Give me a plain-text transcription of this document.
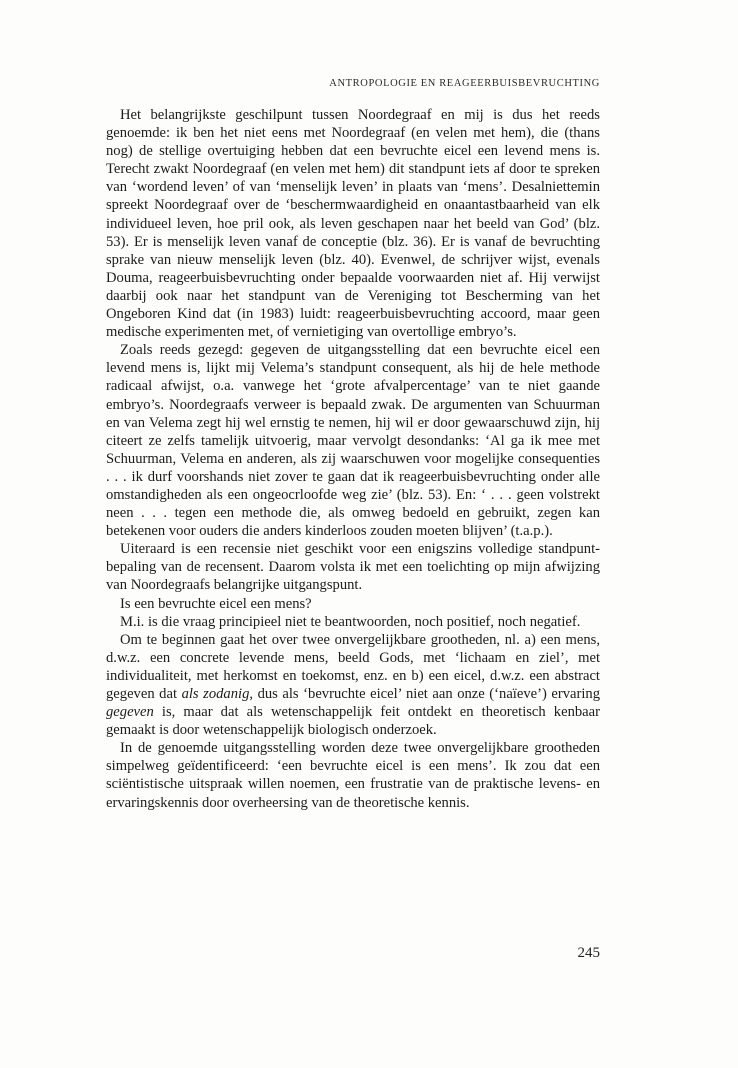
ANTROPOLOGIE EN REAGEERBUISBEVRUCHTING

Het belangrijkste geschilpunt tussen Noordegraaf en mij is dus het reeds genoemde: ik ben het niet eens met Noordegraaf (en velen met hem), die (thans nog) de stellige overtuiging hebben dat een bevruchte eicel een levend mens is. Terecht zwakt Noordegraaf (en velen met hem) dit standpunt iets af door te spreken van ‘wordend leven’ of van ‘menselijk leven’ in plaats van ‘mens’. Desalniettemin spreekt Noordegraaf over de ‘beschermwaardigheid en onaantastbaarheid van elk individueel leven, hoe pril ook, als leven geschapen naar het beeld van God’ (blz. 53). Er is menselijk leven vanaf de conceptie (blz. 36). Er is vanaf de bevruchting sprake van nieuw menselijk leven (blz. 40). Evenwel, de schrijver wijst, evenals Douma, reageerbuisbevruchting onder bepaalde voorwaarden niet af. Hij verwijst daarbij ook naar het standpunt van de Vereniging tot Bescherming van het Ongeboren Kind dat (in 1983) luidt: reageerbuisbevruchting accoord, maar geen medische experimenten met, of vernietiging van overtollige embryo’s.

Zoals reeds gezegd: gegeven de uitgangsstelling dat een bevruchte eicel een levend mens is, lijkt mij Velema’s standpunt consequent, als hij de hele methode radicaal afwijst, o.a. vanwege het ‘grote afvalpercentage’ van te niet gaande embryo’s. Noordegraafs verweer is bepaald zwak. De argumenten van Schuurman en van Velema zegt hij wel ernstig te nemen, hij wil er door gewaarschuwd zijn, hij citeert ze zelfs tamelijk uitvoerig, maar vervolgt desondanks: ‘Al ga ik mee met Schuurman, Velema en anderen, als zij waarschuwen voor mogelijke consequenties . . . ik durf voorshands niet zover te gaan dat ik reageerbuisbevruchting onder alle omstandigheden als een ongeocrloofde weg zie’ (blz. 53). En: ‘ . . . geen volstrekt neen . . . tegen een methode die, als omweg bedoeld en gebruikt, zegen kan betekenen voor ouders die anders kinderloos zouden moeten blijven’ (t.a.p.).

Uiteraard is een recensie niet geschikt voor een enigszins volledige standpunt-bepaling van de recensent. Daarom volsta ik met een toelichting op mijn afwijzing van Noordegraafs belangrijke uitgangspunt.

Is een bevruchte eicel een mens?

M.i. is die vraag principieel niet te beantwoorden, noch positief, noch negatief.

Om te beginnen gaat het over twee onvergelijkbare grootheden, nl. a) een mens, d.w.z. een concrete levende mens, beeld Gods, met ‘lichaam en ziel’, met individualiteit, met herkomst en toekomst, enz. en b) een eicel, d.w.z. een abstract gegeven dat als zodanig, dus als ‘bevruchte eicel’ niet aan onze (‘naïeve’) ervaring gegeven is, maar dat als wetenschappelijk feit ontdekt en theoretisch kenbaar gemaakt is door wetenschappelijk biologisch onderzoek.

In de genoemde uitgangsstelling worden deze twee onvergelijkbare grootheden simpelweg geïdentificeerd: ‘een bevruchte eicel is een mens’. Ik zou dat een sciëntistische uitspraak willen noemen, een frustratie van de praktische levens- en ervaringskennis door overheersing van de theoretische kennis.

245
